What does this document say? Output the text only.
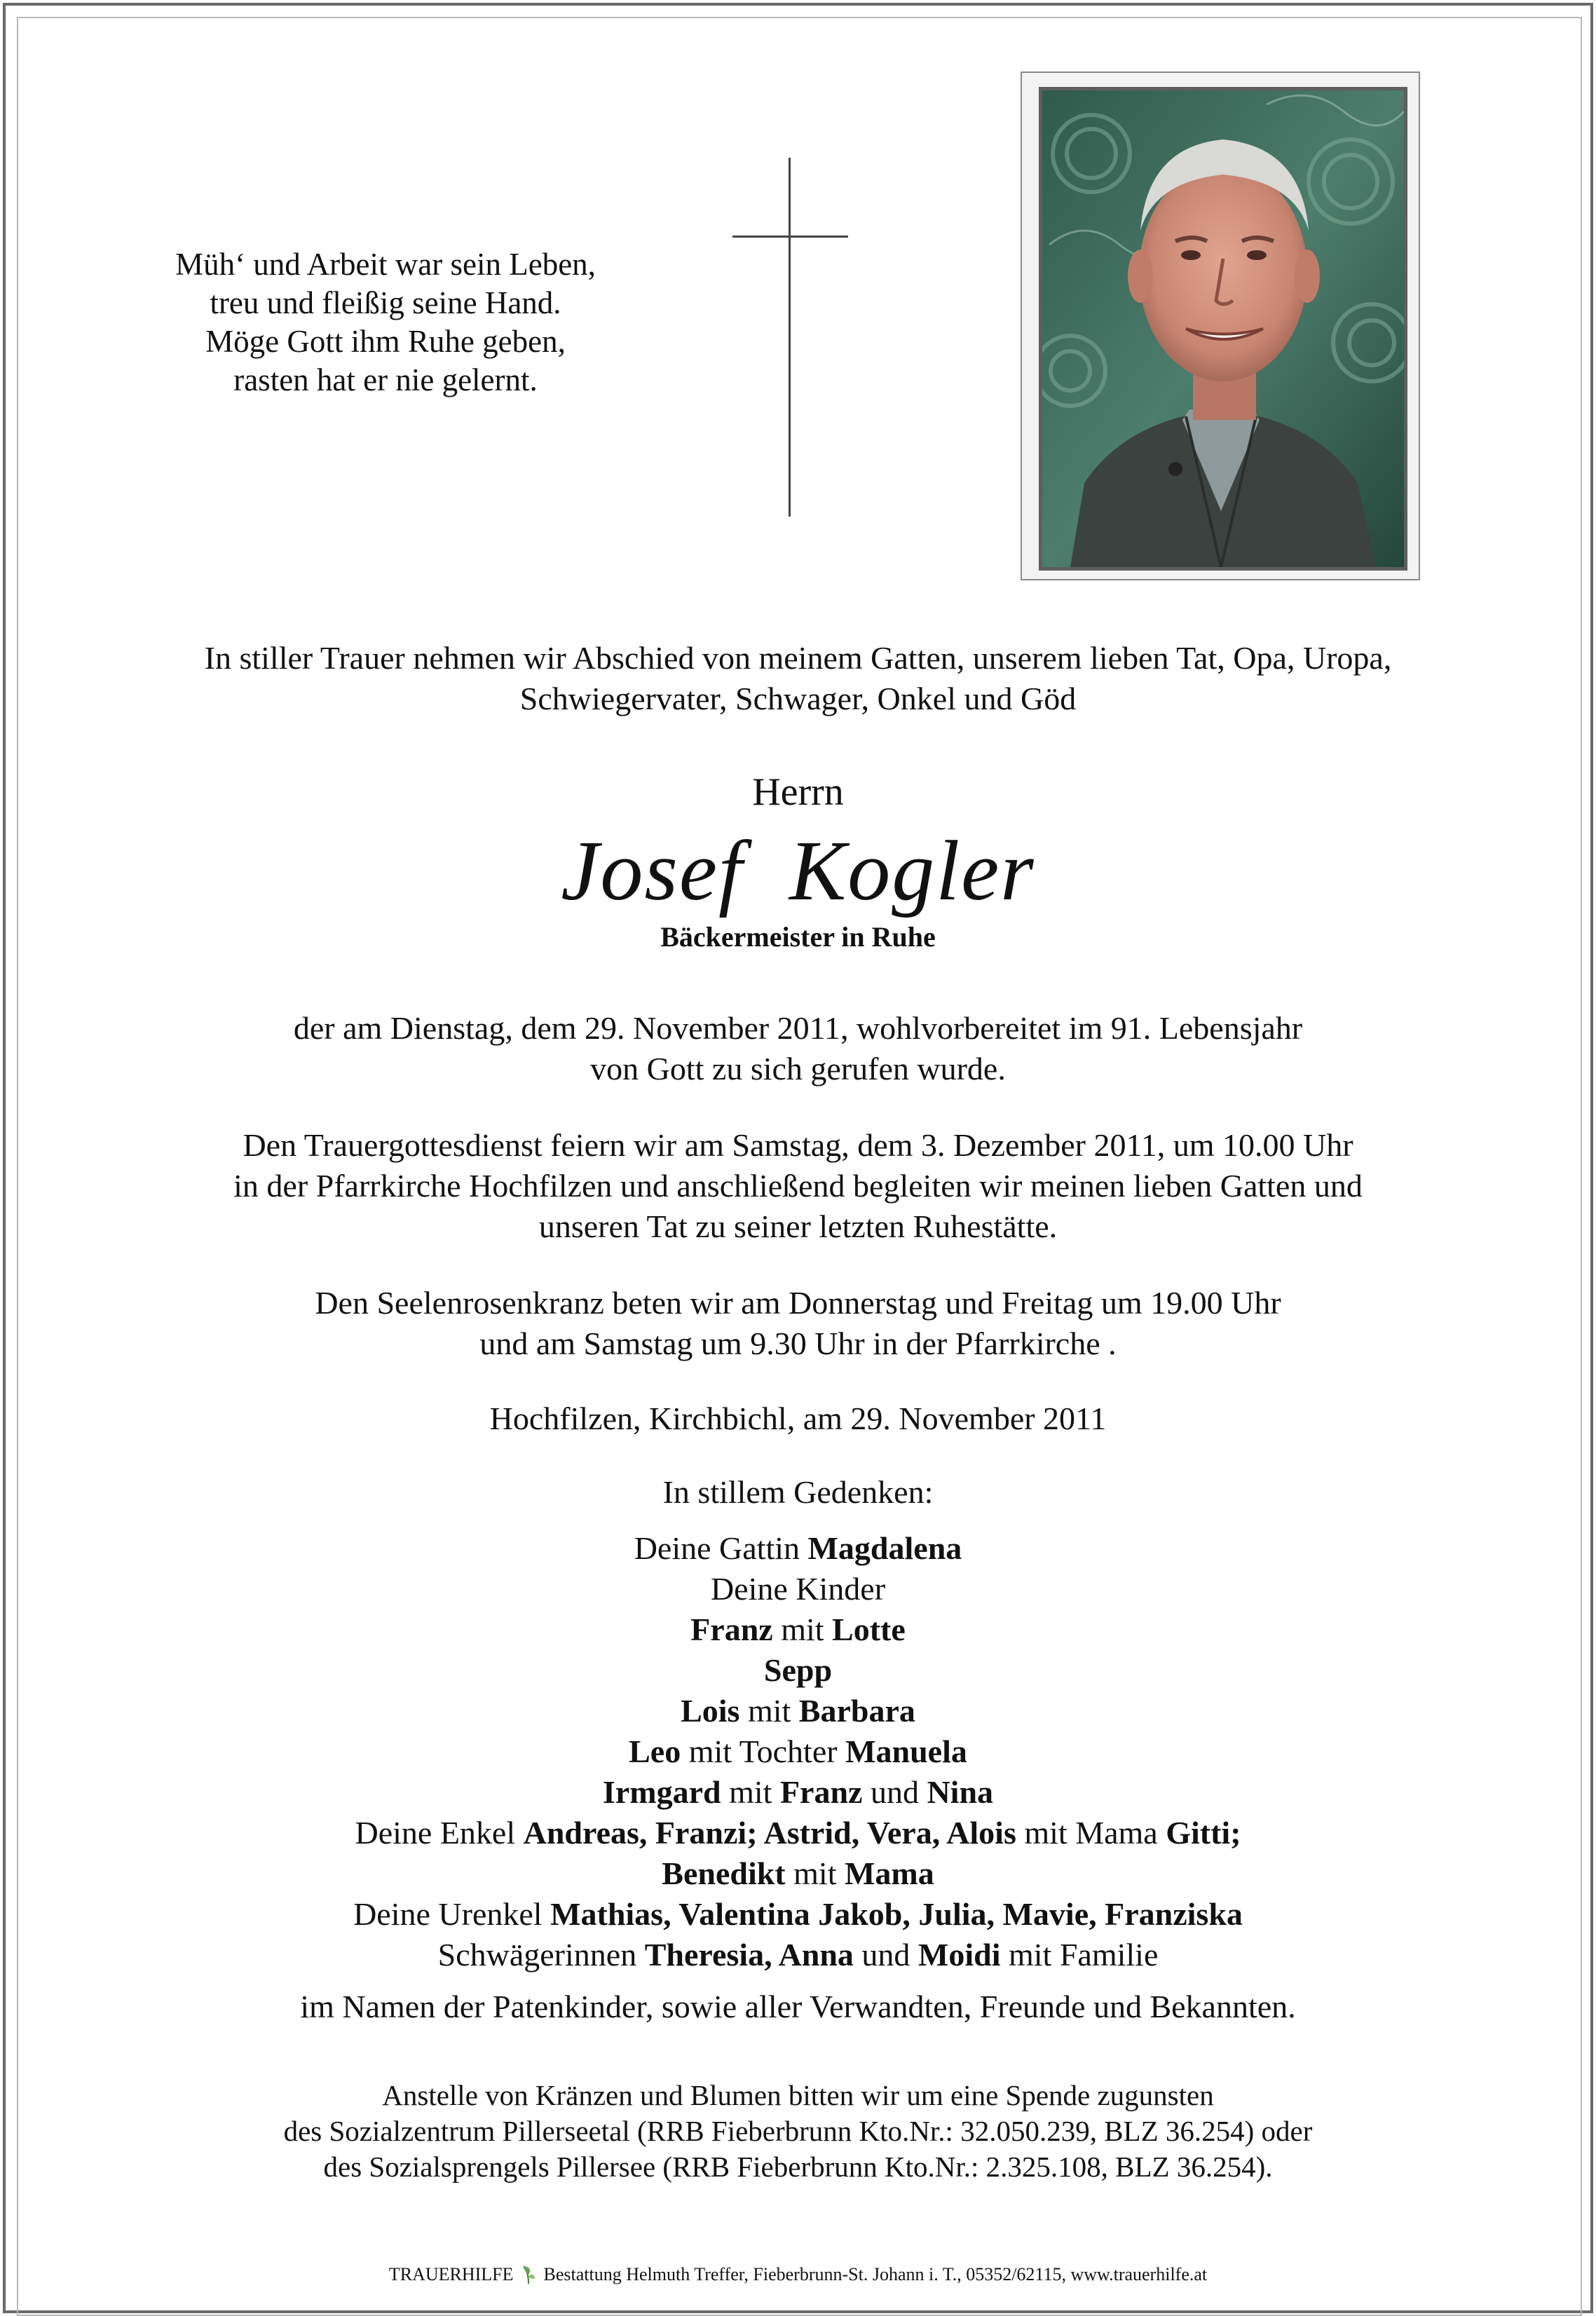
Müh‘ und Arbeit war sein Leben,
treu und fleißig seine Hand.
Möge Gott ihm Ruhe geben,
rasten hat er nie gelernt.
In stiller Trauer nehmen wir Abschied von meinem Gatten, unserem lieben Tat, Opa, Uropa,
Schwiegervater, Schwager, Onkel und Göd
Herrn
Josef  Kogler
Bäckermeister in Ruhe
der am Dienstag, dem 29. November 2011, wohlvorbereitet im 91. Lebensjahr
von Gott zu sich gerufen wurde.
Den Trauergottesdienst feiern wir am Samstag, dem 3. Dezember 2011, um 10.00 Uhr
in der Pfarrkirche Hochfilzen und anschließend begleiten wir meinen lieben Gatten und
unseren Tat zu seiner letzten Ruhestätte.
Den Seelenrosenkranz beten wir am Donnerstag und Freitag um 19.00 Uhr
und am Samstag um 9.30 Uhr in der Pfarrkirche .
Hochfilzen, Kirchbichl, am 29. November 2011
In stillem Gedenken:
Deine Gattin Magdalena
Deine Kinder
Franz mit Lotte
Sepp
Lois mit Barbara
Leo mit Tochter Manuela
Irmgard mit Franz und Nina
Deine Enkel Andreas, Franzi; Astrid, Vera, Alois mit Mama Gitti;
Benedikt mit Mama
Deine Urenkel Mathias, Valentina Jakob, Julia, Mavie, Franziska
Schwägerinnen Theresia, Anna und Moidi mit Familie
im Namen der Patenkinder, sowie aller Verwandten, Freunde und Bekannten.
Anstelle von Kränzen und Blumen bitten wir um eine Spende zugunsten
des Sozialzentrum Pillerseetal (RRB Fieberbrunn Kto.Nr.: 32.050.239, BLZ 36.254) oder
des Sozialsprengels Pillersee (RRB Fieberbrunn Kto.Nr.: 2.325.108, BLZ 36.254).
TRAUERHILFE Bestattung Helmuth Treffer, Fieberbrunn-St. Johann i. T., 05352/62115, www.trauerhilfe.at
